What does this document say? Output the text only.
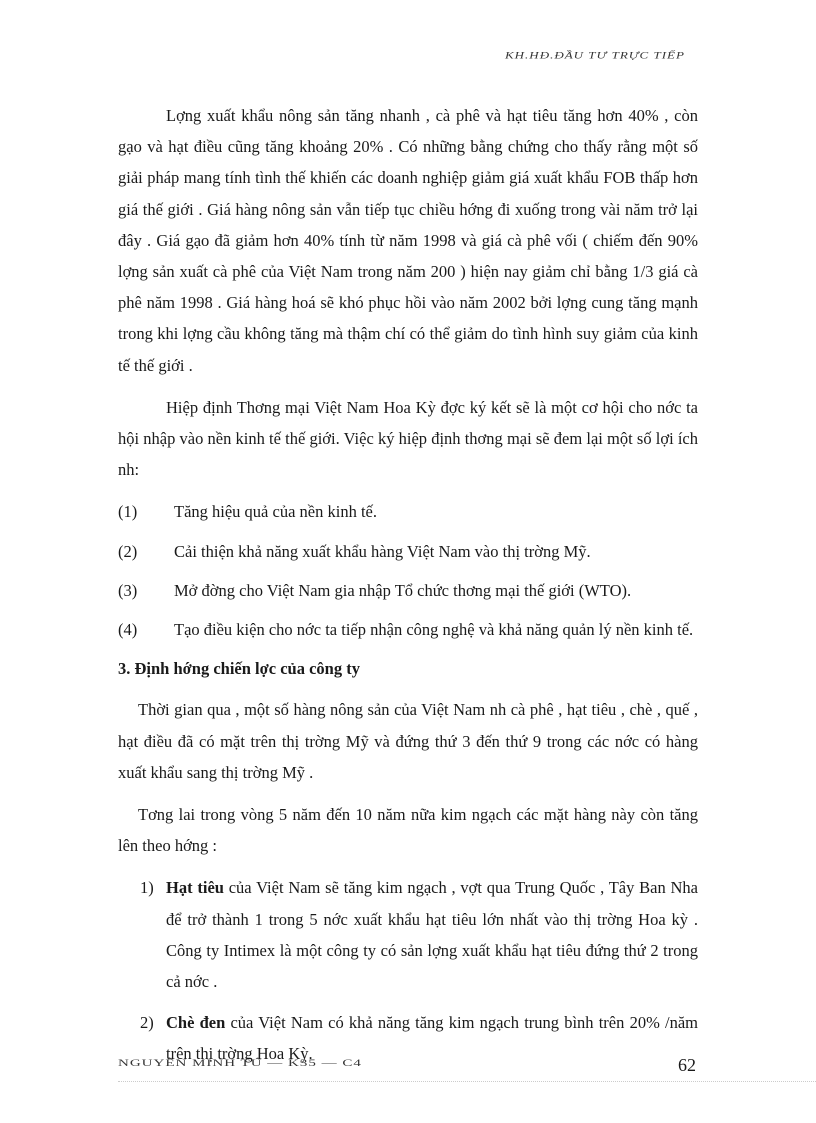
KH.HĐ.ĐẦU TƯ TRỰC TIẾP

Lợng xuất khẩu nông sản tăng nhanh , cà phê và hạt tiêu tăng hơn 40% , còn gạo và hạt điều cũng tăng khoảng 20% . Có những bằng chứng cho thấy rằng một số giải pháp mang tính tình thế khiến các doanh nghiệp giảm giá xuất khẩu FOB thấp hơn giá thế giới . Giá hàng nông sản vẫn tiếp tục chiều hớng đi xuống trong vài năm trở lại đây . Giá gạo đã giảm hơn 40% tính từ năm 1998 và giá cà phê vối ( chiếm đến 90% lợng sản xuất cà phê của Việt Nam trong năm 200 ) hiện nay giảm chỉ bằng 1/3 giá cà phê năm 1998 . Giá hàng hoá sẽ khó phục hồi vào năm 2002 bởi lợng cung tăng mạnh trong khi lợng cầu không tăng mà thậm chí có thể giảm do tình hình suy giảm của kinh tế thế giới .

Hiệp định Thơng mại Việt Nam Hoa Kỳ đợc ký kết sẽ là một cơ hội cho nớc ta hội nhập vào nền kinh tế thế giới. Việc ký hiệp định thơng mại sẽ đem lại một số lợi ích nh:

(1) Tăng hiệu quả của nền kinh tế.
(2) Cải thiện khả năng xuất khẩu hàng Việt Nam vào thị trờng Mỹ.
(3) Mở đờng cho Việt Nam gia nhập Tổ chức thơng mại thế giới (WTO).
(4) Tạo điều kiện cho nớc ta tiếp nhận công nghệ và khả năng quản lý nền kinh tế.
3. Định hớng chiến lợc của công ty

Thời gian qua , một số hàng nông sản của Việt Nam nh cà phê , hạt tiêu , chè , quế , hạt điều đã có mặt trên thị trờng Mỹ và đứng thứ 3 đến thứ 9 trong các nớc có hàng xuất khẩu sang thị trờng Mỹ .

Tơng lai trong vòng 5 năm đến 10 năm nữa kim ngạch các mặt hàng này còn tăng lên theo hớng :

1) Hạt tiêu của Việt Nam sẽ tăng kim ngạch , vợt qua Trung Quốc , Tây Ban Nha để trở thành 1 trong 5 nớc xuất khẩu hạt tiêu lớn nhất vào thị trờng Hoa kỳ . Công ty Intimex là một công ty có sản lợng xuất khẩu hạt tiêu đứng thứ 2 trong cả nớc .
2) Chè đen của Việt Nam có khả năng tăng kim ngạch trung bình trên 20% /năm trên thị trờng Hoa Kỳ.
NGUYỄN MINH TÚ — K35 — C4	62
